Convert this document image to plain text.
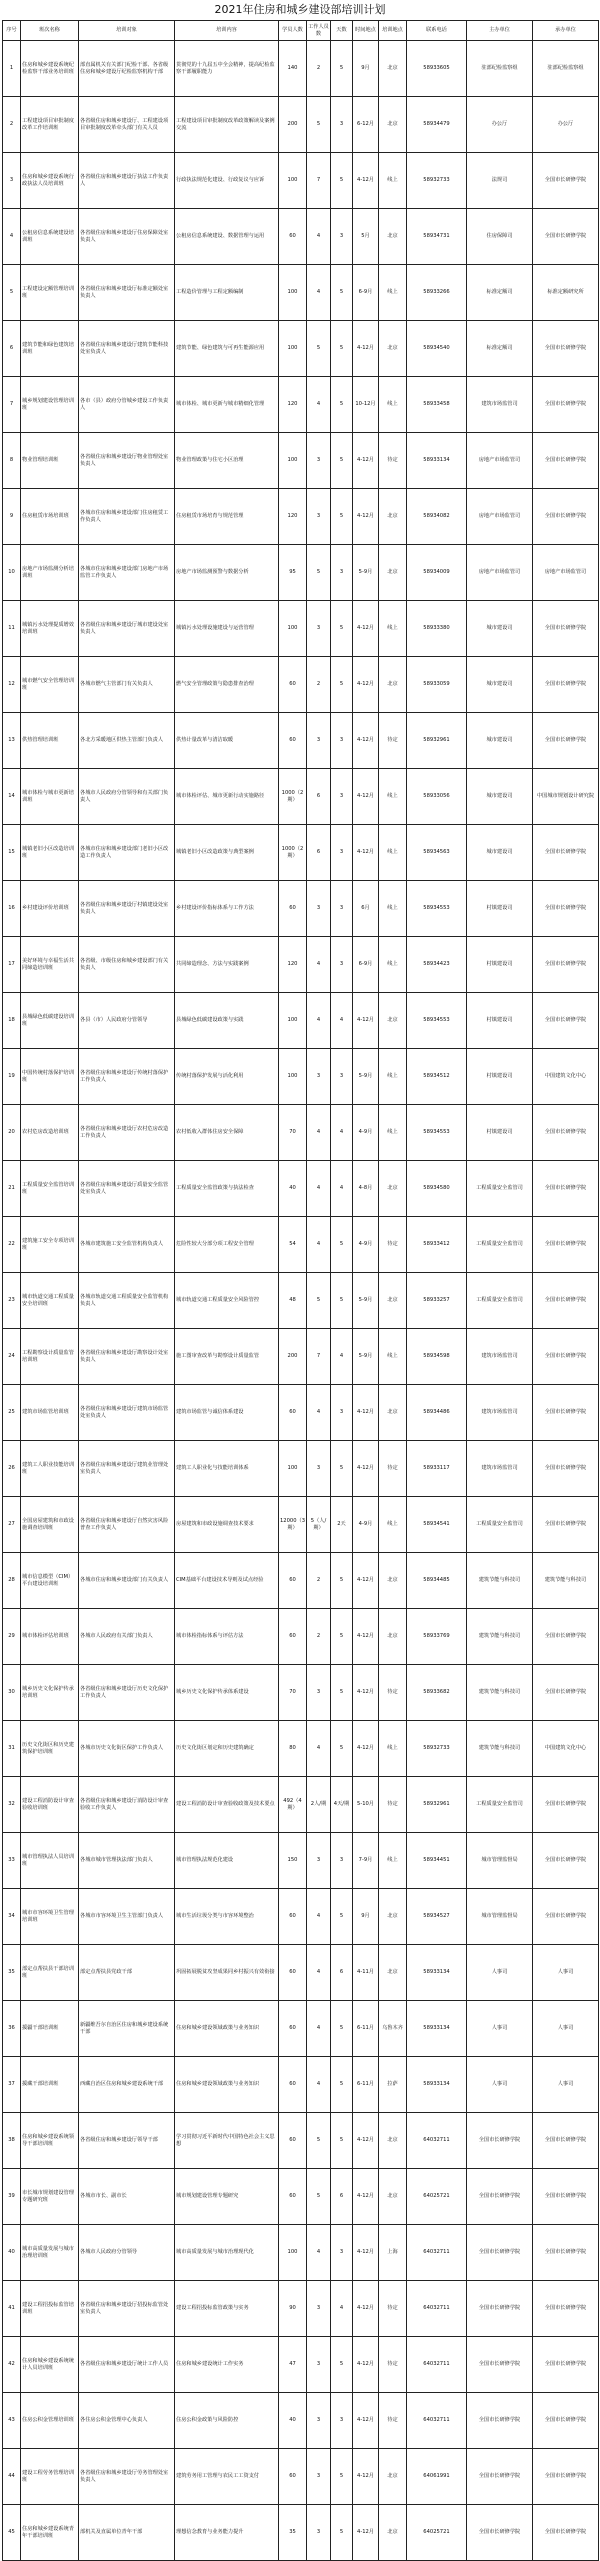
2021年住房和城乡建设部培训计划
序号	班次名称	培训对象	培训内容	学员人数	工作人员数	天数	时间地点	培训地点	联系电话	主办单位	承办单位
1	住房和城乡建设系统纪检监察干部业务培训班	部直属机关有关部门纪检干部、各省级住房和城乡建设厅纪检监察机构干部	贯彻党的十九届五中全会精神，提高纪检监察干部履职能力	140	2	5	9月	北京	58933605	驻部纪检监察组	驻部纪检监察组
2	工程建设项目审批制度改革工作培训班	各省级住房和城乡建设厅、工程建设项目审批制度改革牵头部门有关人员	工程建设项目审批制度改革政策解读及案例交流	200	5	3	6-12月	北京	58934479	办公厅	办公厅
3	住房和城乡建设系统行政执法人员培训班	各省级住房和城乡建设厅执法工作负责人	行政执法规范化建设、行政复议与应诉	100	7	5	4-12月	线上	58932733	法规司	全国市长研修学院
4	公租房信息系统建设培训班	各省级住房和城乡建设厅住房保障处室负责人	公租房信息系统建设、数据管理与运用	60	4	3	5月	北京	58934731	住房保障司	全国市长研修学院
5	工程建设定额管理培训班	各省级住房和城乡建设厅标准定额处室负责人	工程造价管理与工程定额编制	100	4	5	6-9月	线上	58933266	标准定额司	标准定额研究所
6	建筑节能和绿色建筑培训班	各省级住房和城乡建设厅建筑节能科技处室负责人	建筑节能、绿色建筑与可再生能源应用	100	5	5	4-12月	北京	58934540	标准定额司	全国市长研修学院
7	城乡规划建设管理培训班	各市（县）政府分管城乡建设工作负责人	城市体检、城市更新与城市精细化管理	120	4	5	10-12月	线上	58933458	建筑市场监管司	全国市长研修学院
8	物业管理培训班	各省级住房和城乡建设厅物业管理处室负责人	物业管理政策与住宅小区治理	100	3	5	4-12月	待定	58933134	房地产市场监管司	全国市长研修学院
9	住房租赁市场培训班	各城市住房和城乡建设部门住房租赁工作负责人	住房租赁市场培育与规范管理	120	3	5	4-12月	北京	58934082	房地产市场监管司	全国市长研修学院
10	房地产市场监测分析培训班	各城市住房和城乡建设部门房地产市场监管工作负责人	房地产市场监测预警与数据分析	95	5	3	5-9月	北京	58934009	房地产市场监管司	房地产市场监管司
11	城镇污水处理提质增效培训班	各省级住房和城乡建设厅城市建设处室负责人	城镇污水处理设施建设与运营管理	100	3	5	4-12月	线上	58933380	城市建设司	全国市长研修学院
12	城市燃气安全管理培训班	各城市燃气主管部门有关负责人	燃气安全管理政策与隐患排查治理	60	2	5	4-12月	北京	58933059	城市建设司	全国市长研修学院
13	供热管理培训班	各北方采暖地区供热主管部门负责人	供热计量改革与清洁取暖	60	3	3	4-12月	待定	58932961	城市建设司	全国市长研修学院
14	城市体检与城市更新培训班	各城市人民政府分管领导和有关部门负责人	城市体检评估、城市更新行动实施路径	1000（2期）	6	3	4-12月	线上	58933056	城市建设司	中国城市规划设计研究院
15	城镇老旧小区改造培训班	各城市住房和城乡建设部门老旧小区改造工作负责人	城镇老旧小区改造政策与典型案例	1000（2期）	6	3	4-12月	线上	58934563	城市建设司	全国市长研修学院
16	乡村建设评价培训班	各省级住房和城乡建设厅村镇建设处室负责人	乡村建设评价指标体系与工作方法	60	3	3	6月	线上	58934553	村镇建设司	全国市长研修学院
17	美好环境与幸福生活共同缔造培训班	各省级、市级住房和城乡建设部门有关负责人	共同缔造理念、方法与实践案例	120	4	3	6-9月	线上	58934423	村镇建设司	全国市长研修学院
18	县城绿色低碳建设培训班	各县（市）人民政府分管领导	县城绿色低碳建设政策与实践	100	4	4	4-12月	北京	58934553	村镇建设司	全国市长研修学院
19	中国传统村落保护培训班	各省级住房和城乡建设厅传统村落保护工作负责人	传统村落保护发展与活化利用	100	3	3	5-9月	线上	58934512	村镇建设司	中国建筑文化中心
20	农村危房改造培训班	各省级住房和城乡建设厅农村危房改造工作负责人	农村低收入群体住房安全保障	70	4	4	4-9月	线上	58934553	村镇建设司	全国市长研修学院
21	工程质量安全监管培训班	各省级住房和城乡建设厅质量安全监管处室负责人	工程质量安全监管政策与执法检查	40	4	4	4-8月	北京	58934580	工程质量安全监管司	全国市长研修学院
22	建筑施工安全专项培训班	各城市建筑施工安全监管机构负责人	危险性较大分部分项工程安全管理	54	4	5	4-9月	待定	58933412	工程质量安全监管司	全国市长研修学院
23	城市轨道交通工程质量安全培训班	各城市轨道交通工程质量安全监管机构负责人	城市轨道交通工程质量安全风险管控	48	5	5	5-9月	北京	58933257	工程质量安全监管司	全国市长研修学院
24	工程勘察设计质量监管培训班	各省级住房和城乡建设厅勘察设计处室负责人	施工图审查改革与勘察设计质量监管	200	7	4	5-9月	线上	58934598	建筑市场监管司	全国市长研修学院
25	建筑市场监管培训班	各省级住房和城乡建设厅建筑市场监管处室负责人	建筑市场监管与诚信体系建设	60	4	3	4-12月	北京	58934486	建筑市场监管司	全国市长研修学院
26	建筑工人职业技能培训班	各省级住房和城乡建设厅建筑业管理处室负责人	建筑工人职业化与技能培训体系	100	3	5	4-12月	待定	58933117	建筑市场监管司	全国市长研修学院
27	全国房屋建筑和市政设施调查培训班	各省级住房和城乡建设厅自然灾害风险普查工作负责人	房屋建筑和市政设施调查技术要求	12000（3期）	5（人/期）	2天	4-9月	线上	58934541	工程质量安全监管司	全国市长研修学院
28	城市信息模型（CIM）平台建设培训班	各城市住房和城乡建设部门有关负责人	CIM基础平台建设技术导则及试点经验	60	2	5	4-12月	北京	58934485	建筑节能与科技司	建筑节能与科技司
29	城市体检评估培训班	各城市人民政府有关部门负责人	城市体检指标体系与评估方法	60	2	5	4-12月	北京	58933769	建筑节能与科技司	全国市长研修学院
30	城乡历史文化保护传承培训班	各省级住房和城乡建设厅历史文化保护工作负责人	城乡历史文化保护传承体系建设	70	3	5	4-12月	待定	58933682	建筑节能与科技司	全国市长研修学院
31	历史文化街区和历史建筑保护培训班	各城市历史文化街区保护工作负责人	历史文化街区划定和历史建筑确定	80	4	5	4-12月	线上	58932733	建筑节能与科技司	中国建筑文化中心
32	建设工程消防设计审查验收培训班	各省级住房和城乡建设厅消防设计审查验收工作负责人	建设工程消防设计审查验收政策及技术要点	492（4期）	2人/期	4天/期	5-10月	待定	58932961	工程质量安全监管司	全国市长研修学院
33	城市管理执法人员培训班	各城市城市管理执法部门负责人	城市管理执法规范化建设	150	3	3	7-9月	线上	58934451	城市管理监督局	全国市长研修学院
34	城市市容环境卫生管理培训班	各城市市容环境卫生主管部门负责人	城市生活垃圾分类与市容环境整治	60	4	5	9月	北京	58934527	城市管理监督局	全国市长研修学院
35	部定点帮扶县干部培训班	部定点帮扶县党政干部	巩固拓展脱贫攻坚成果同乡村振兴有效衔接	60	4	6	4-11月	北京	58933134	人事司	人事司
36	援疆干部培训班	新疆维吾尔自治区住房和城乡建设系统干部	住房和城乡建设领域政策与业务知识	60	4	5	6-11月	乌鲁木齐	58933134	人事司	人事司
37	援藏干部培训班	西藏自治区住房和城乡建设系统干部	住房和城乡建设领域政策与业务知识	60	4	5	6-11月	拉萨	58933134	人事司	人事司
38	住房和城乡建设系统领导干部培训班	各省级住房和城乡建设厅领导干部	学习贯彻习近平新时代中国特色社会主义思想	60	5	5	4-12月	北京	64032711	全国市长研修学院	全国市长研修学院
39	市长城市规划建设管理专题研究班	各城市市长、副市长	城市规划建设管理专题研究	60	5	6	4-12月	北京	64025721	全国市长研修学院	全国市长研修学院
40	城市高质量发展与城市治理培训班	各城市人民政府分管领导	城市高质量发展与城市治理现代化	100	4	3	4-12月	上海	64032711	全国市长研修学院	全国市长研修学院
41	建设工程招投标监管培训班	各省级住房和城乡建设厅招投标监管处室负责人	建设工程招投标监管政策与实务	90	3	4	4-12月	待定	64032711	全国市长研修学院	全国市长研修学院
42	住房和城乡建设系统统计人员培训班	各省级住房和城乡建设厅统计工作人员	住房和城乡建设统计工作实务	47	3	5	4-12月	待定	64032711	全国市长研修学院	全国市长研修学院
43	住房公积金管理培训班	各住房公积金管理中心负责人	住房公积金政策与风险防控	40	3	3	4-12月	待定	64032711	全国市长研修学院	全国市长研修学院
44	建设工程劳务管理培训班	各省级住房和城乡建设厅劳务管理处室负责人	建筑劳务用工管理与农民工工资支付	60	3	5	4-12月	北京	64061991	全国市长研修学院	全国市长研修学院
45	住房和城乡建设系统青年干部培训班	部机关及直属单位青年干部	理想信念教育与业务能力提升	35	3	5	4-12月	北京	64025721	全国市长研修学院	全国市长研修学院
